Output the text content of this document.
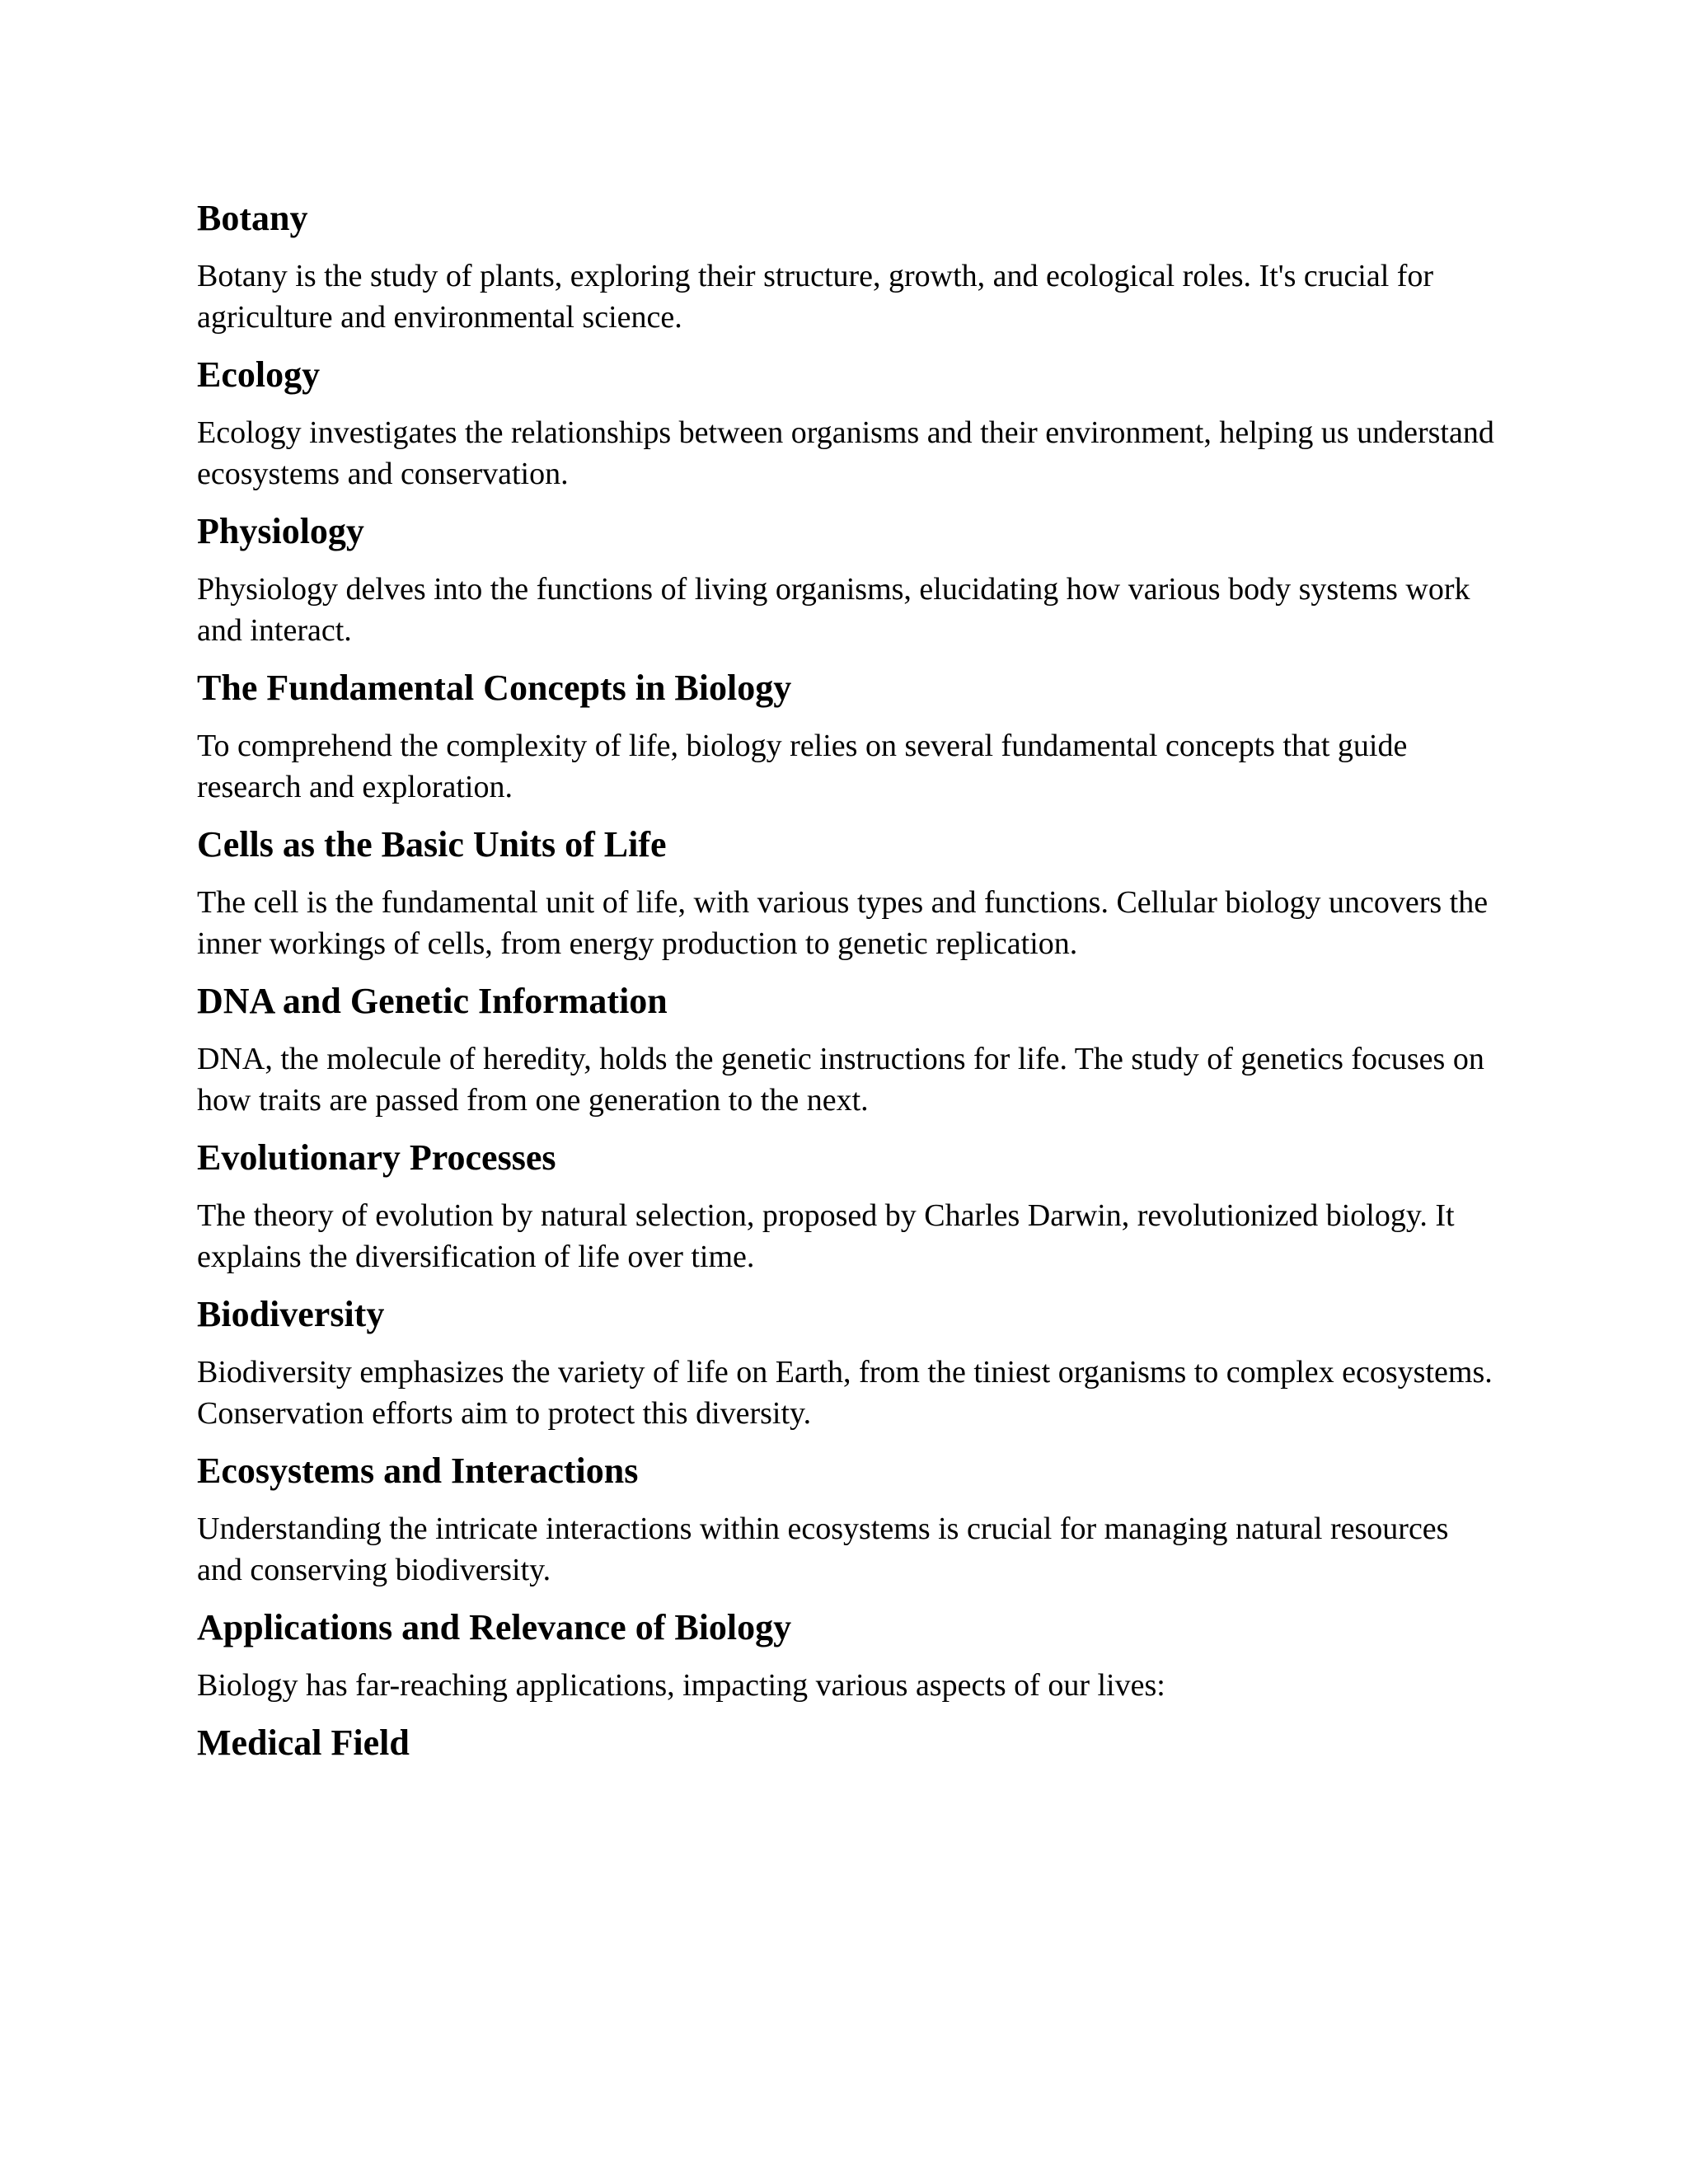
Botany

Botany is the study of plants, exploring their structure, growth, and ecological roles. It's crucial for agriculture and environmental science.

Ecology

Ecology investigates the relationships between organisms and their environment, helping us understand ecosystems and conservation.

Physiology

Physiology delves into the functions of living organisms, elucidating how various body systems work and interact.

The Fundamental Concepts in Biology

To comprehend the complexity of life, biology relies on several fundamental concepts that guide research and exploration.

Cells as the Basic Units of Life

The cell is the fundamental unit of life, with various types and functions. Cellular biology uncovers the inner workings of cells, from energy production to genetic replication.

DNA and Genetic Information

DNA, the molecule of heredity, holds the genetic instructions for life. The study of genetics focuses on how traits are passed from one generation to the next.

Evolutionary Processes

The theory of evolution by natural selection, proposed by Charles Darwin, revolutionized biology. It explains the diversification of life over time.

Biodiversity

Biodiversity emphasizes the variety of life on Earth, from the tiniest organisms to complex ecosystems. Conservation efforts aim to protect this diversity.

Ecosystems and Interactions

Understanding the intricate interactions within ecosystems is crucial for managing natural resources and conserving biodiversity.

Applications and Relevance of Biology

Biology has far-reaching applications, impacting various aspects of our lives:

Medical Field
